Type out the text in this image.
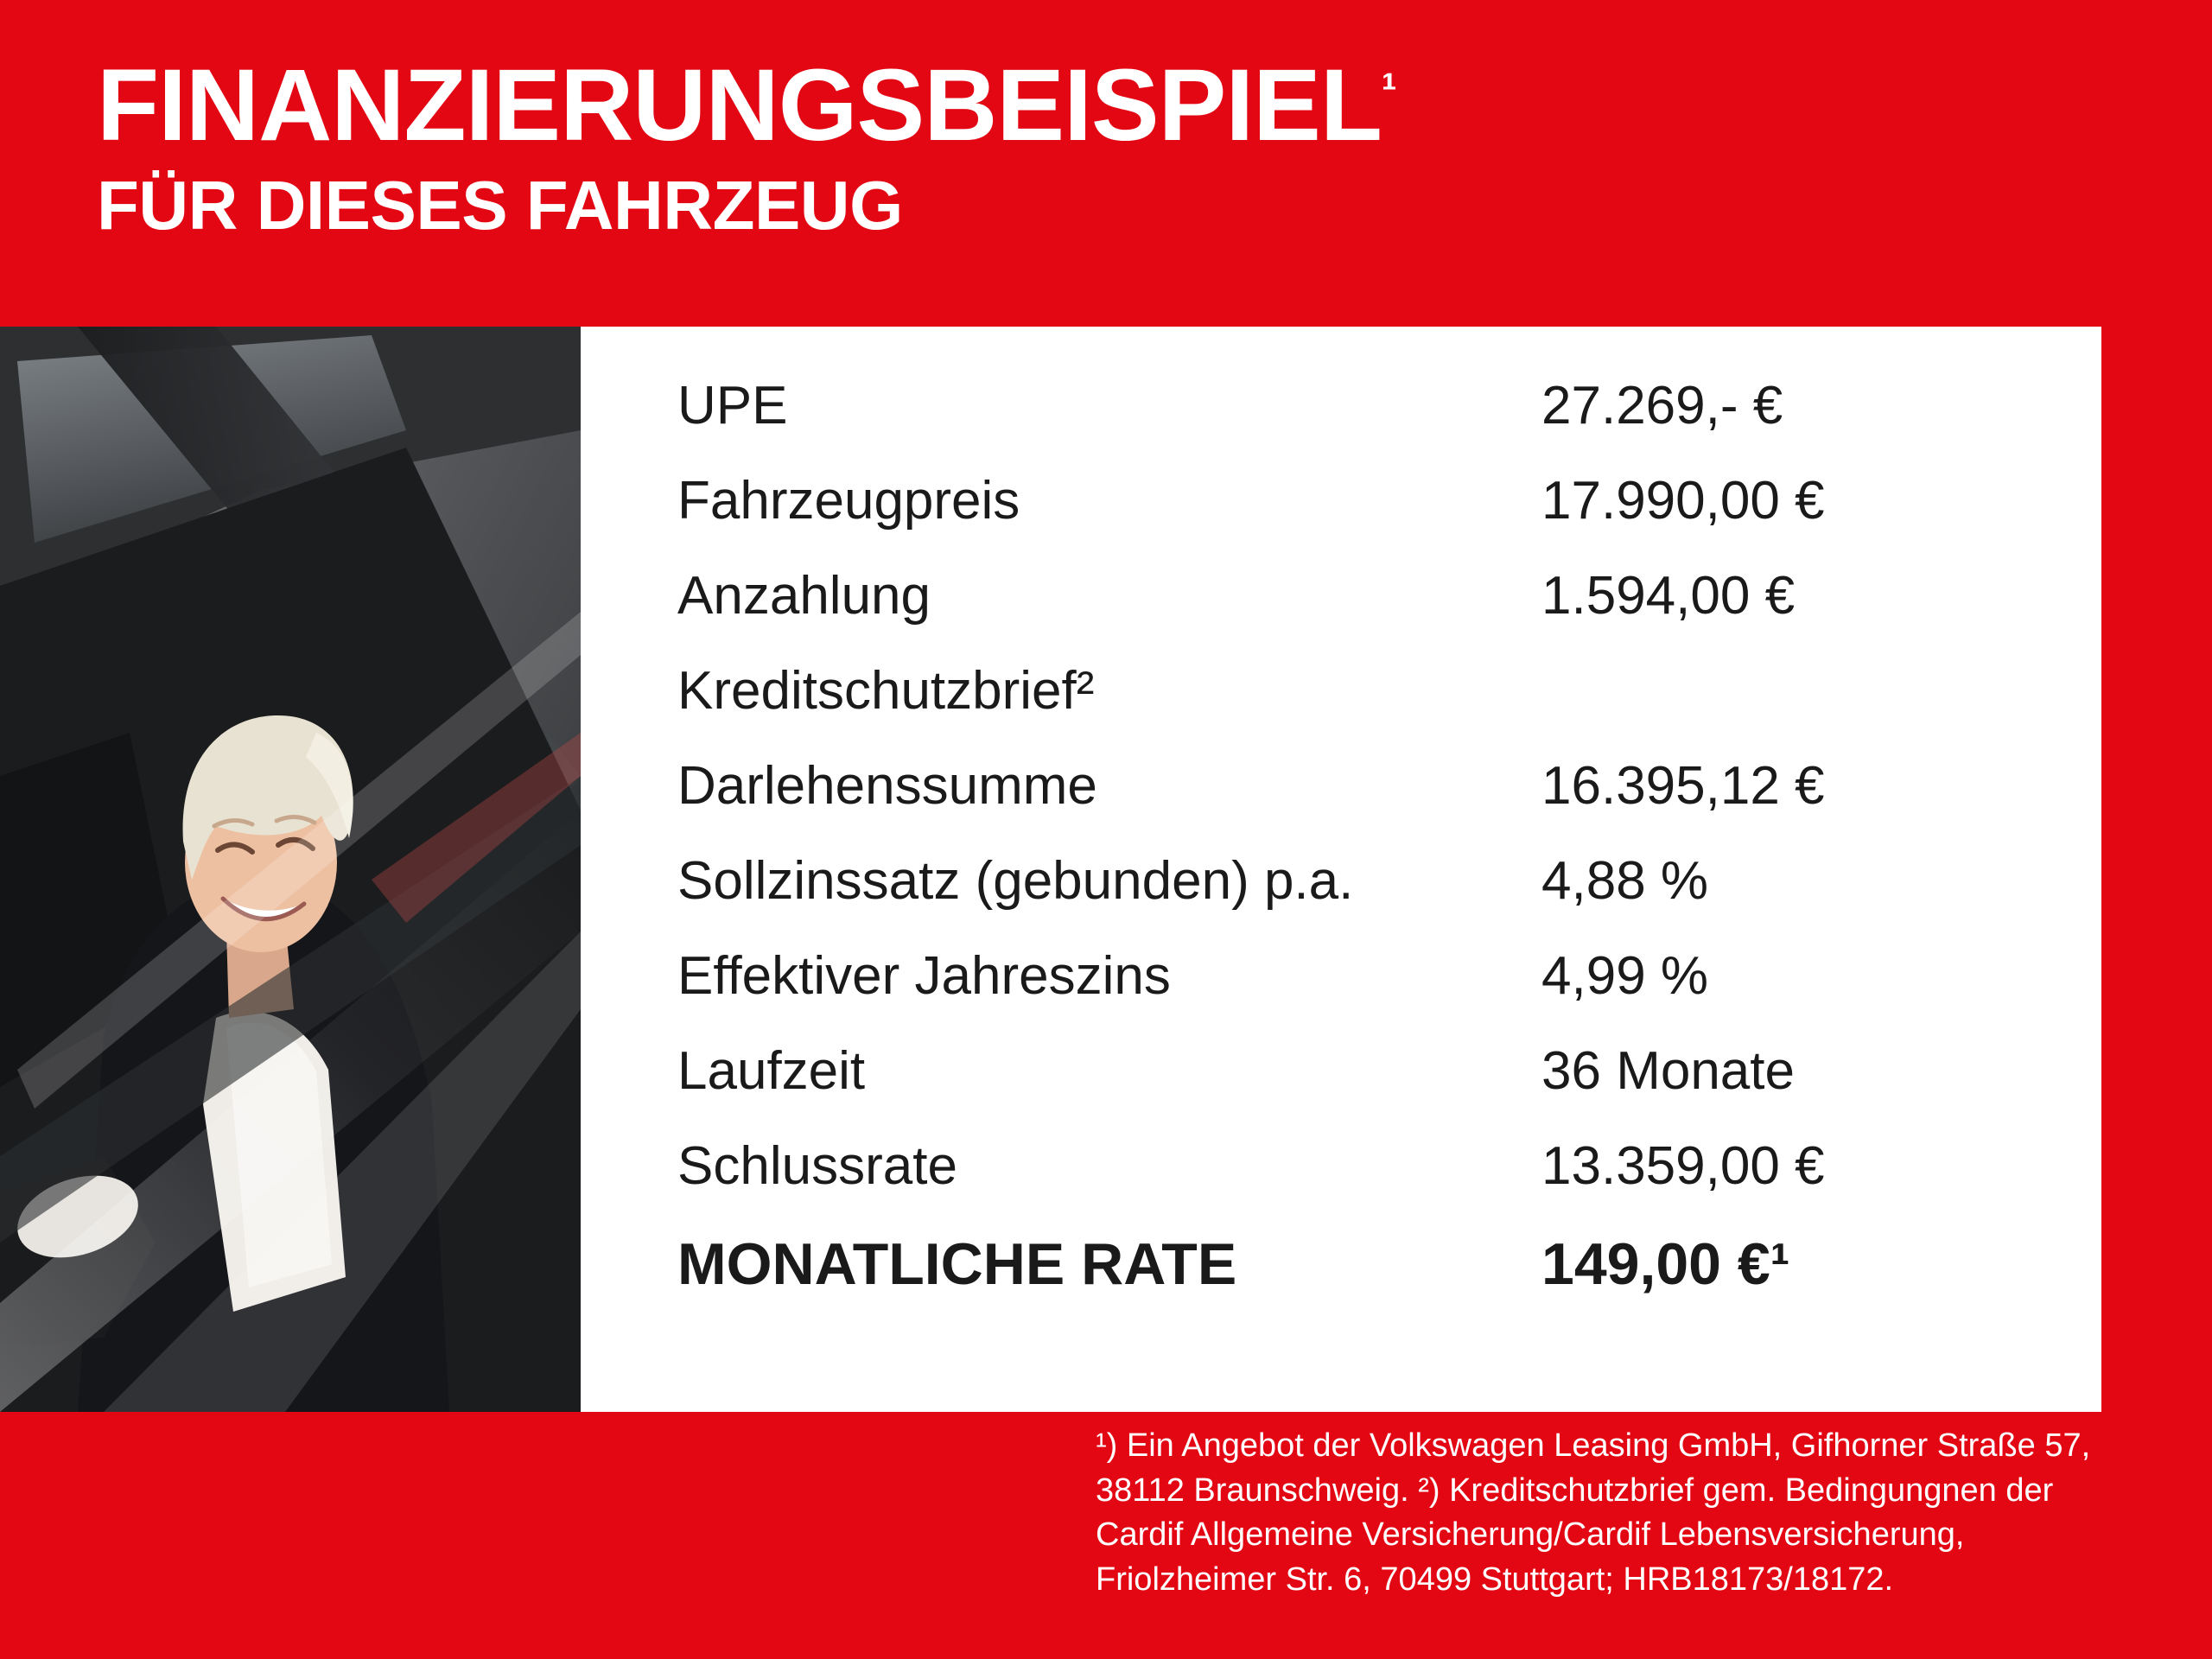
$FINANZIERUNGSBEISPIEL^{^1}$
FÜR DIESES FAHRZEUG
UPE	27.269,- €
Fahrzeugpreis	17.990,00 €
Anzahlung	1.594,00 €
Kreditschutzbrief²
Darlehenssumme	16.395,12 €
Sollzinssatz (gebunden) p.a.	4,88 %
Effektiver Jahreszins	4,99 %
Laufzeit	36 Monate
Schlussrate	13.359,00 €
MONATLICHE RATE	149,00 €¹
¹) Ein Angebot der Volkswagen Leasing GmbH, Gifhorner Straße 57, 38112 Braunschweig. ²) Kreditschutzbrief gem. Bedingungnen der Cardif Allgemeine Versicherung/Cardif Lebensversicherung, Friolzheimer Str. 6, 70499 Stuttgart; HRB18173/18172.
